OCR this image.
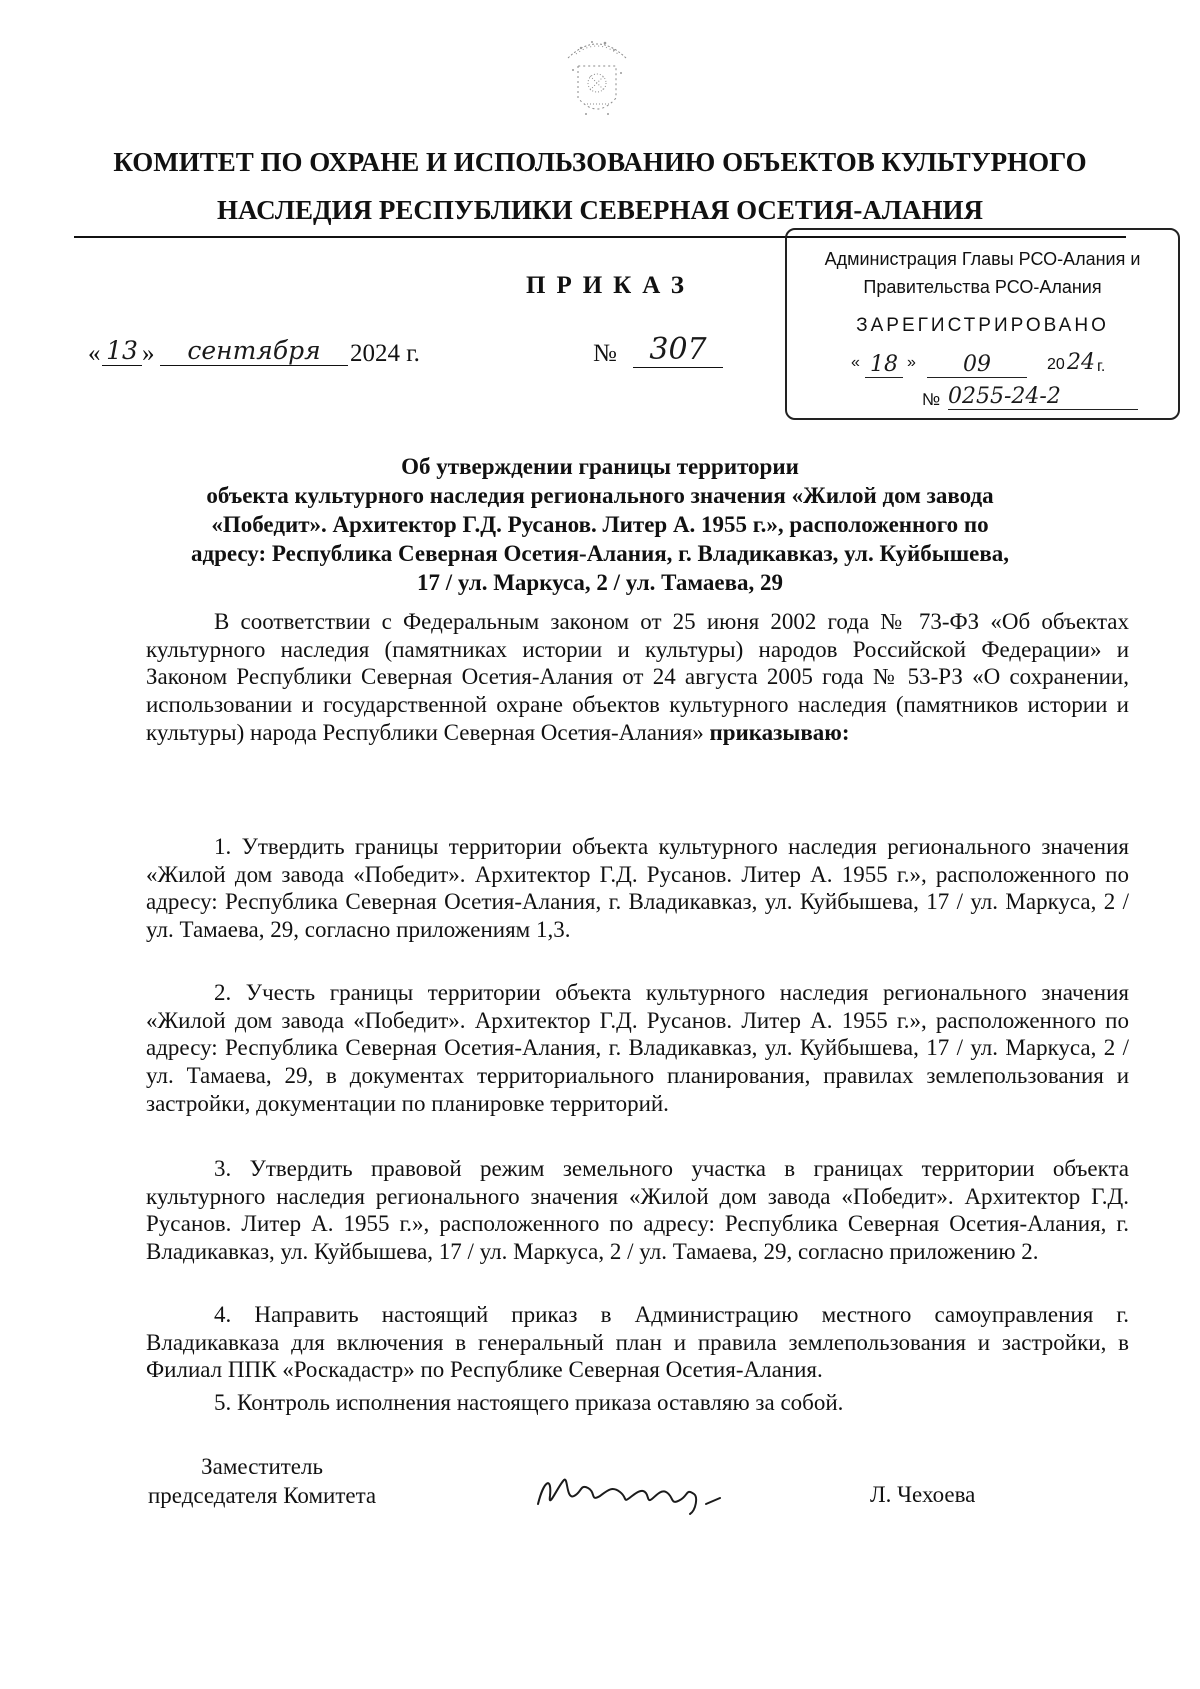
КОМИТЕТ ПО ОХРАНЕ И ИСПОЛЬЗОВАНИЮ ОБЪЕКТОВ КУЛЬТУРНОГО
НАСЛЕДИЯ РЕСПУБЛИКИ СЕВЕРНАЯ ОСЕТИЯ-АЛАНИЯ
Администрация Главы РСО-Алания и
Правительства РСО-Алания
ЗАРЕГИСТРИРОВАНО
« 18 »	09	20 24 г.
№ 0255-24-2
ПРИКАЗ
« 13 »	сентября	2024 г.	№	307
Об утверждении границы территории
объекта культурного наследия регионального значения «Жилой дом завода
«Победит». Архитектор Г.Д. Русанов. Литер А. 1955 г.», расположенного по
адресу: Республика Северная Осетия-Алания, г. Владикавказ, ул. Куйбышева,
17 / ул. Маркуса, 2 / ул. Тамаева, 29
В соответствии с Федеральным законом от 25 июня 2002 года № 73-ФЗ «Об объектах культурного наследия (памятниках истории и культуры) народов Российской Федерации» и Законом Республики Северная Осетия-Алания от 24 августа 2005 года № 53-РЗ «О сохранении, использовании и государственной охране объектов культурного наследия (памятников истории и культуры) народа Республики Северная Осетия-Алания» приказываю:
1. Утвердить границы территории объекта культурного наследия регионального значения «Жилой дом завода «Победит». Архитектор Г.Д. Русанов. Литер А. 1955 г.», расположенного по адресу: Республика Северная Осетия-Алания, г. Владикавказ, ул. Куйбышева, 17 / ул. Маркуса, 2 / ул. Тамаева, 29, согласно приложениям 1,3.
2. Учесть границы территории объекта культурного наследия регионального значения «Жилой дом завода «Победит». Архитектор Г.Д. Русанов. Литер А. 1955 г.», расположенного по адресу: Республика Северная Осетия-Алания, г. Владикавказ, ул. Куйбышева, 17 / ул. Маркуса, 2 / ул. Тамаева, 29, в документах территориального планирования, правилах землепользования и застройки, документации по планировке территорий.
3. Утвердить правовой режим земельного участка в границах территории объекта культурного наследия регионального значения «Жилой дом завода «Победит». Архитектор Г.Д. Русанов. Литер А. 1955 г.», расположенного по адресу: Республика Северная Осетия-Алания, г. Владикавказ, ул. Куйбышева, 17 / ул. Маркуса, 2 / ул. Тамаева, 29, согласно приложению 2.
4. Направить настоящий приказ в Администрацию местного самоуправления г. Владикавказа для включения в генеральный план и правила землепользования и застройки, в Филиал ППК «Роскадастр» по Республике Северная Осетия-Алания.
5. Контроль исполнения настоящего приказа оставляю за собой.
Заместитель
председателя Комитета	Л. Чехоева
